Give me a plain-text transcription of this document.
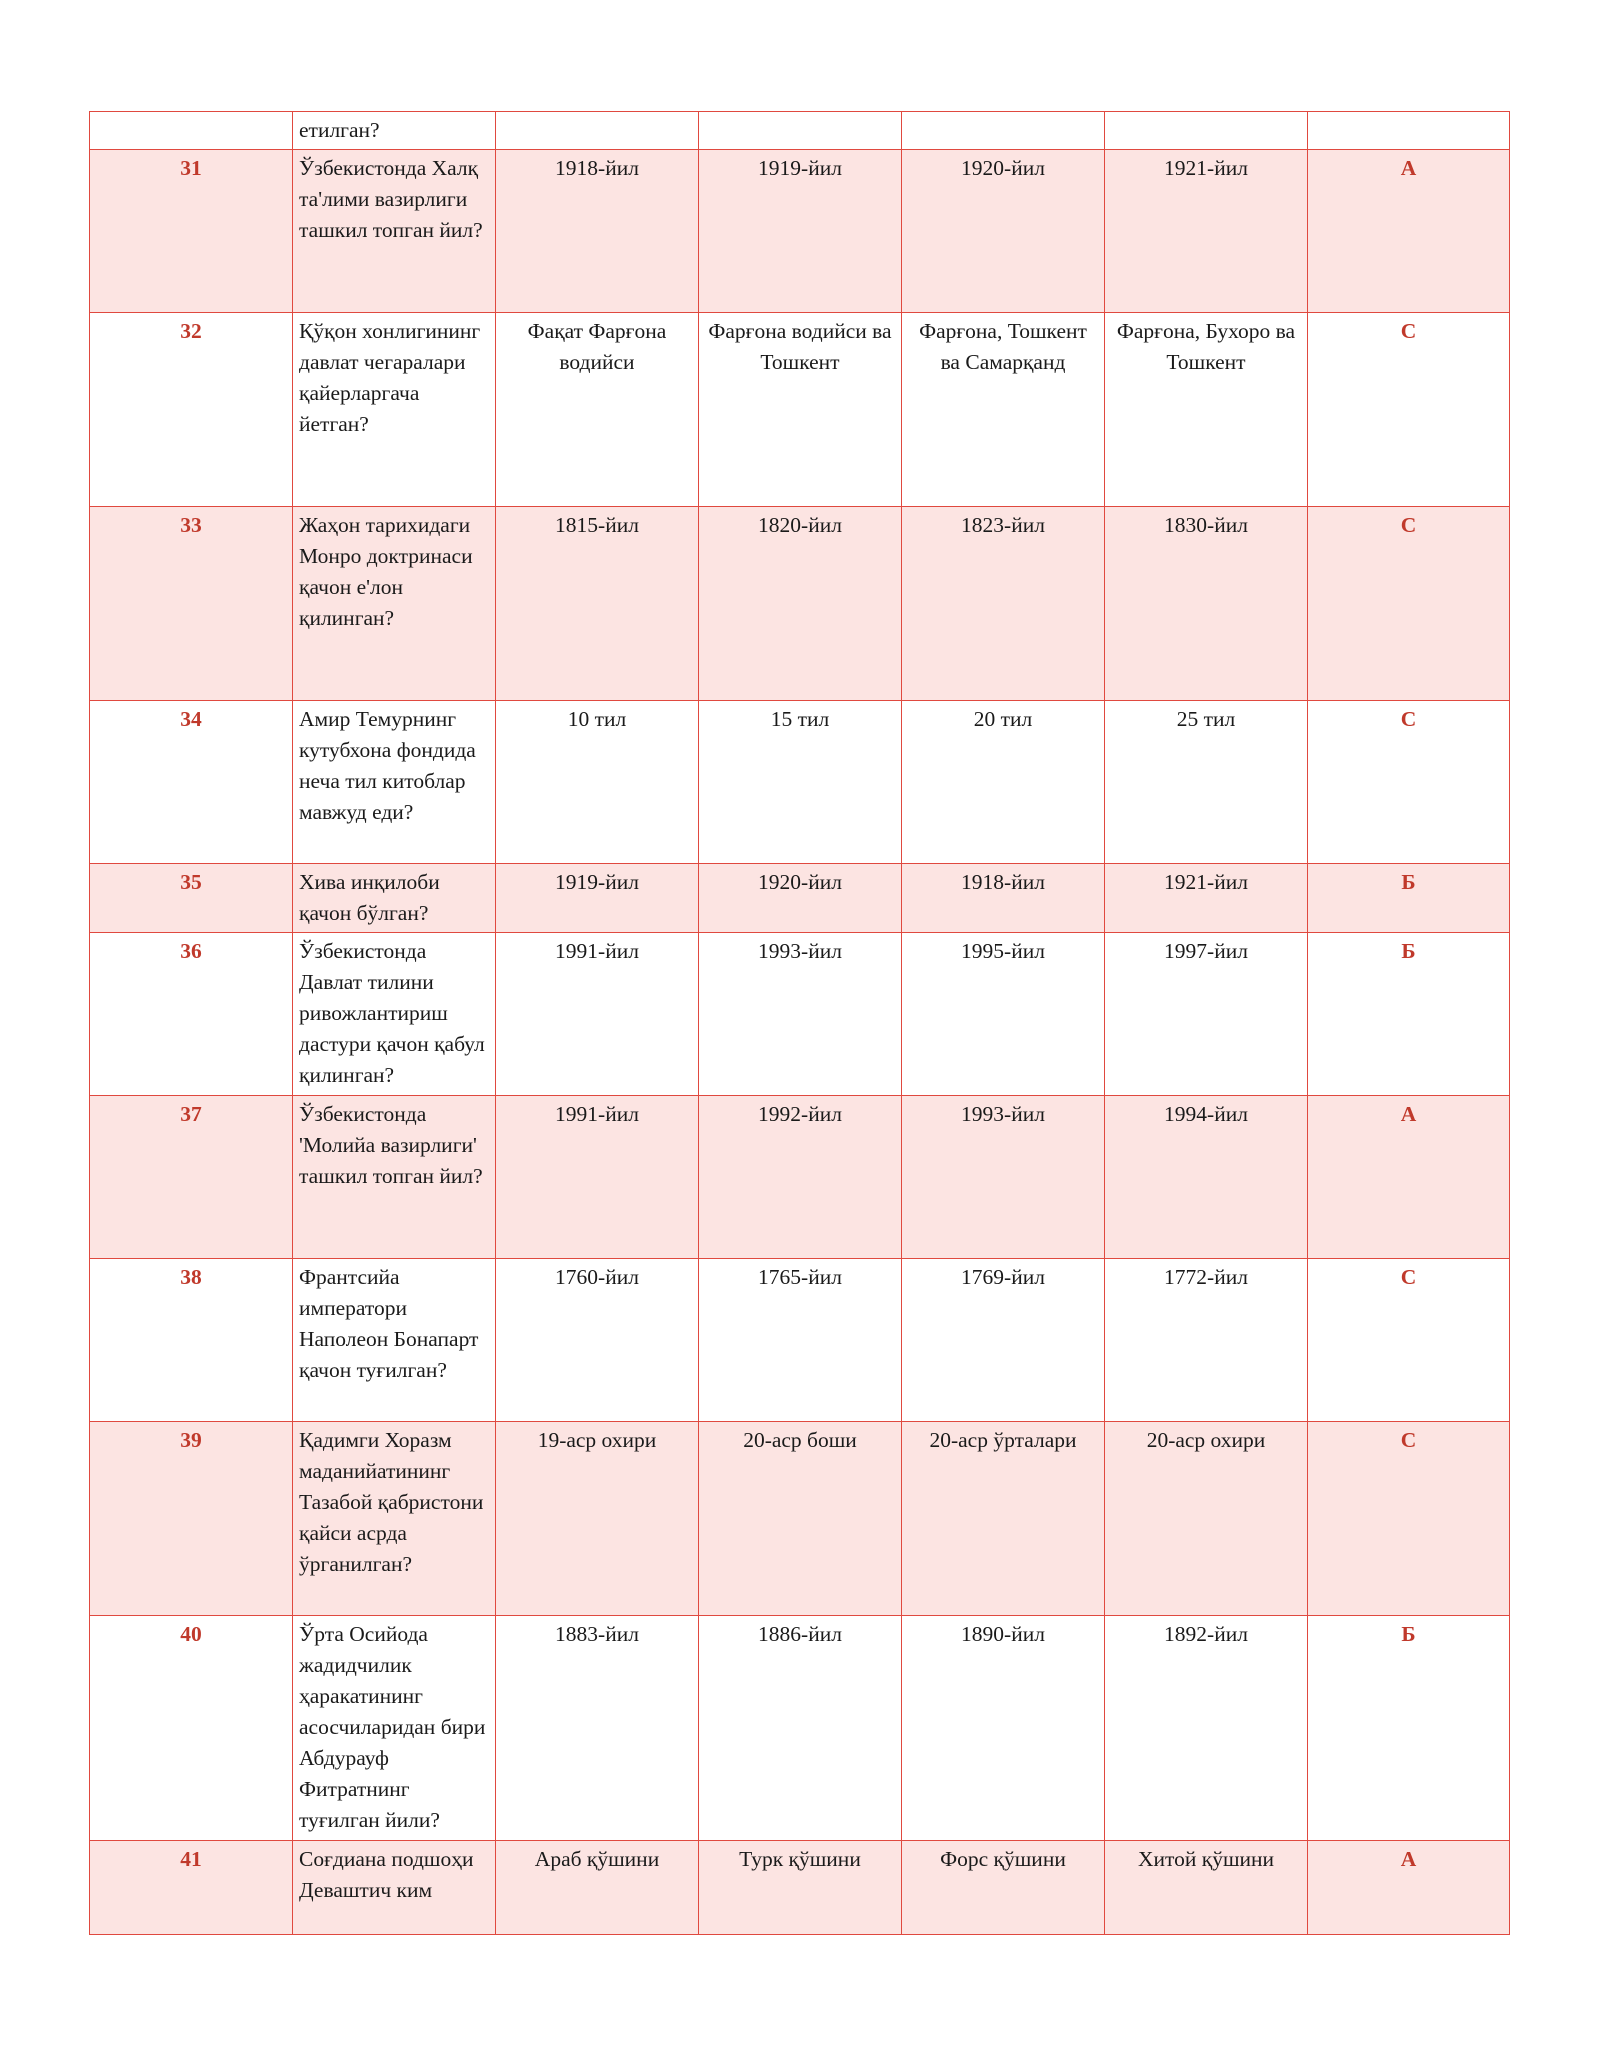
	етилган?					
31	Ўзбекистонда Халқ та'лими вазирлиги ташкил топган йил?	1918-йил	1919-йил	1920-йил	1921-йил	А
32	Қўқон хонлигининг давлат чегаралари қайерларгача йетган?	Фақат Фарғона водийси	Фарғона водийси ва Тошкент	Фарғона, Тошкент ва Самарқанд	Фарғона, Бухоро ва Тошкент	С
33	Жаҳон тарихидаги Монро доктринаси қачон е'лон қилинган?	1815-йил	1820-йил	1823-йил	1830-йил	С
34	Амир Темурнинг кутубхона фондида неча тил китоблар мавжуд еди?	10 тил	15 тил	20 тил	25 тил	С
35	Хива инқилоби қачон бўлган?	1919-йил	1920-йил	1918-йил	1921-йил	Б
36	Ўзбекистонда Давлат тилини ривожлантириш дастури қачон қабул қилинган?	1991-йил	1993-йил	1995-йил	1997-йил	Б
37	Ўзбекистонда 'Молийа вазирлиги' ташкил топган йил?	1991-йил	1992-йил	1993-йил	1994-йил	А
38	Франтсийа императори Наполеон Бонапарт қачон туғилган?	1760-йил	1765-йил	1769-йил	1772-йил	С
39	Қадимги Хоразм маданийатининг Тазабой қабристони қайси асрда ўрганилган?	19-аср охири	20-аср боши	20-аср ўрталари	20-аср охири	С
40	Ўрта Осийода жадидчилик ҳаракатининг асосчиларидан бири Абдурауф Фитратнинг туғилган йили?	1883-йил	1886-йил	1890-йил	1892-йил	Б
41	Соғдиана подшоҳи Деваштич ким	Араб қўшини	Турк қўшини	Форс қўшини	Хитой қўшини	А
